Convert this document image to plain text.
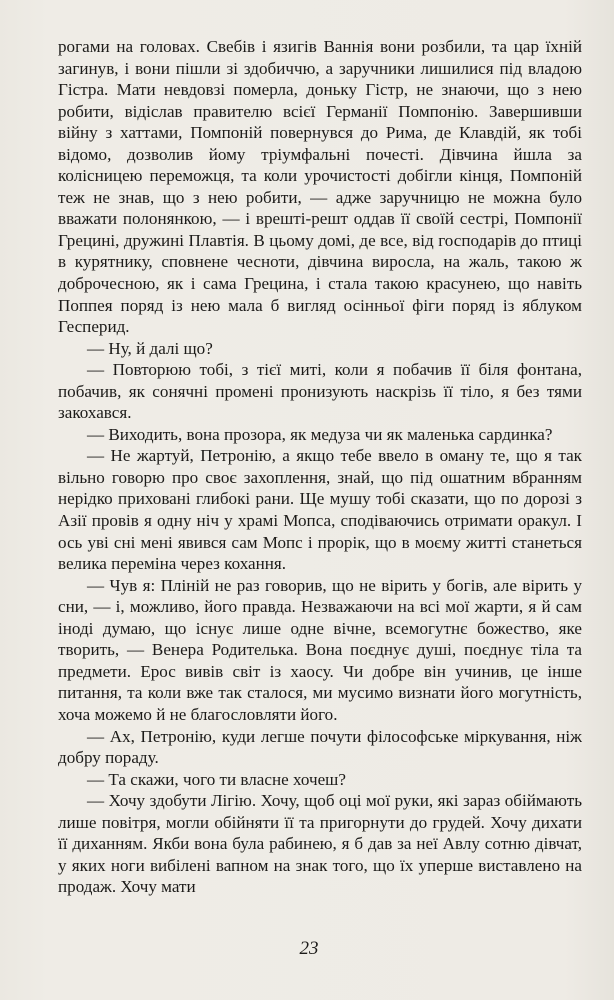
рогами на головах. Свебів і язигів Ваннія вони розбили, та цар їхній загинув, і вони пішли зі здобиччю, а заручники лишилися під владою Гістра. Мати невдовзі померла, доньку Гістр, не знаючи, що з нею робити, відіслав правителю всієї Германії Помпонію. Завершивши війну з хаттами, Помпоній повернувся до Рима, де Клавдій, як тобі відомо, дозволив йому тріумфальні почесті. Дівчина йшла за колісницею переможця, та коли урочистості добігли кінця, Помпоній теж не знав, що з нею робити, — адже заручницю не можна було вважати полонянкою, — і врешті-решт оддав її своїй сестрі, Помпонії Грецині, дружині Плавтія. В цьому домі, де все, від господарів до птиці в курятнику, сповнене чесноти, дівчина виросла, на жаль, такою ж доброчесною, як і сама Грецина, і стала такою красунею, що навіть Поппея поряд із нею мала б вигляд осінньої фіги поряд із яблуком Гесперид.

— Ну, й далі що?

— Повторюю тобі, з тієї миті, коли я побачив її біля фонтана, побачив, як сонячні промені пронизують наскрізь її тіло, я без тями закохався.

— Виходить, вона прозора, як медуза чи як маленька сардинка?

— Не жартуй, Петронію, а якщо тебе ввело в оману те, що я так вільно говорю про своє захоплення, знай, що під ошатним вбранням нерідко приховані глибокі рани. Ще мушу тобі сказати, що по дорозі з Азії провів я одну ніч у храмі Мопса, сподіваючись отримати оракул. І ось уві сні мені явився сам Мопс і прорік, що в моєму житті станеться велика переміна через кохання.

— Чув я: Пліній не раз говорив, що не вірить у богів, але вірить у сни, — і, можливо, його правда. Незважаючи на всі мої жарти, я й сам іноді думаю, що існує лише одне вічне, всемогутнє божество, яке творить, — Венера Родителька. Вона поєднує душі, поєднує тіла та предмети. Ерос вивів світ із хаосу. Чи добре він учинив, це інше питання, та коли вже так сталося, ми мусимо визнати його могутність, хоча можемо й не благословляти його.

— Ах, Петронію, куди легше почути філософське міркування, ніж добру пораду.

— Та скажи, чого ти власне хочеш?

— Хочу здобути Лігію. Хочу, щоб оці мої руки, які зараз обіймають лише повітря, могли обійняти її та пригорнути до грудей. Хочу дихати її диханням. Якби вона була рабинею, я б дав за неї Авлу сотню дівчат, у яких ноги вибілені вапном на знак того, що їх уперше виставлено на продаж. Хочу мати

23
